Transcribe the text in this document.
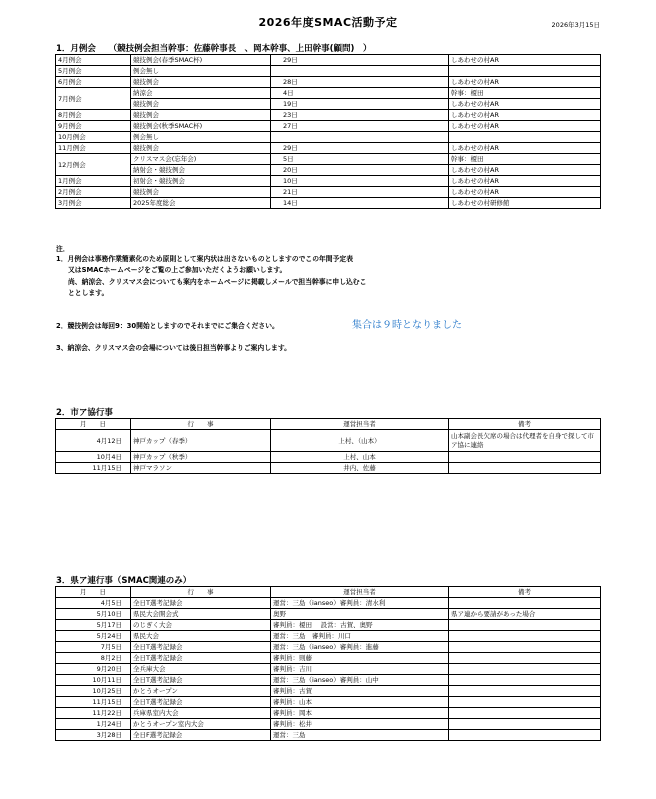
2026年度SMAC活動予定	2026年3月15日
1．月例会　　（競技例会担当幹事：佐藤幹事長　、岡本幹事、上田幹事(顧問)　）
4月例会	競技例会(春季SMAC杯)	29日	しあわせの村AR
5月例会	例会無し		
6月例会	競技例会	28日	しあわせの村AR
7月例会	納涼会	4日	幹事：榎田
	競技例会	19日	しあわせの村AR
8月例会	競技例会	23日	しあわせの村AR
9月例会	競技例会(秋季SMAC杯)	27日	しあわせの村AR
10月例会	例会無し		
11月例会	競技例会	29日	しあわせの村AR
12月例会	クリスマス会(忘年会)	5日	幹事：榎田
	納射会・競技例会	20日	しあわせの村AR
1月例会	初射会・競技例会	10日	しあわせの村AR
2月例会	競技例会	21日	しあわせの村AR
3月例会	2025年度総会	14日	しあわせの村研修館
注．
1．月例会は事務作業簡素化のため原則として案内状は出さないものとしますのでこの年間予定表
又はSMACホームページをご覧の上ご参加いただくようお願いします。
尚、納涼会、クリスマス会についても案内をホームページに掲載しメールで担当幹事に申し込むこ
ととします。
2．競技例会は毎回9：30開始としますのでそれまでにご集合ください。	集合は９時となりました
3、納涼会、クリスマス会の会場については後日担当幹事よりご案内します。
2．市ア協行事
月　　日	行　　事	運営担当者	備考
4月12日	神戸カップ（春季）	上村、（山本）	山本副会長欠席の場合は代理者を自身で探して市ア協に連絡
10月4日	神戸カップ（秋季）	上村、山本	
11月15日	神戸マラソン	井内、佐藤	
3．県ア連行事（SMAC関連のみ）
月　　日	行　　事	運営担当者	備考
4月5日	全日T選考記録会	運営：三島（ianseo）審判員：清水利	
5月10日	県民大会開会式	奥野	県ア連から要請があった場合
5月17日	のじぎく大会	審判員：榎田　 設営：古賀、奥野	
5月24日	県民大会	運営：三島　審判員：川口	
7月5日	全日T選考記録会	運営：三島（ianseo）審判員：進藤	
8月2日	全日T選考記録会	審判員：則藤	
9月20日	全兵庫大会	審判員：吉川	
10月11日	全日T選考記録会	運営：三島（ianseo）審判員：山中	
10月25日	かとうオープン	審判員：古賀	
11月15日	全日T選考記録会	審判員：山本	
11月22日	兵庫県室内大会	審判員：岡本	
1月24日	かとうオープン室内大会	審判員：松井	
3月28日	全日F選考記録会	運営：三島	
